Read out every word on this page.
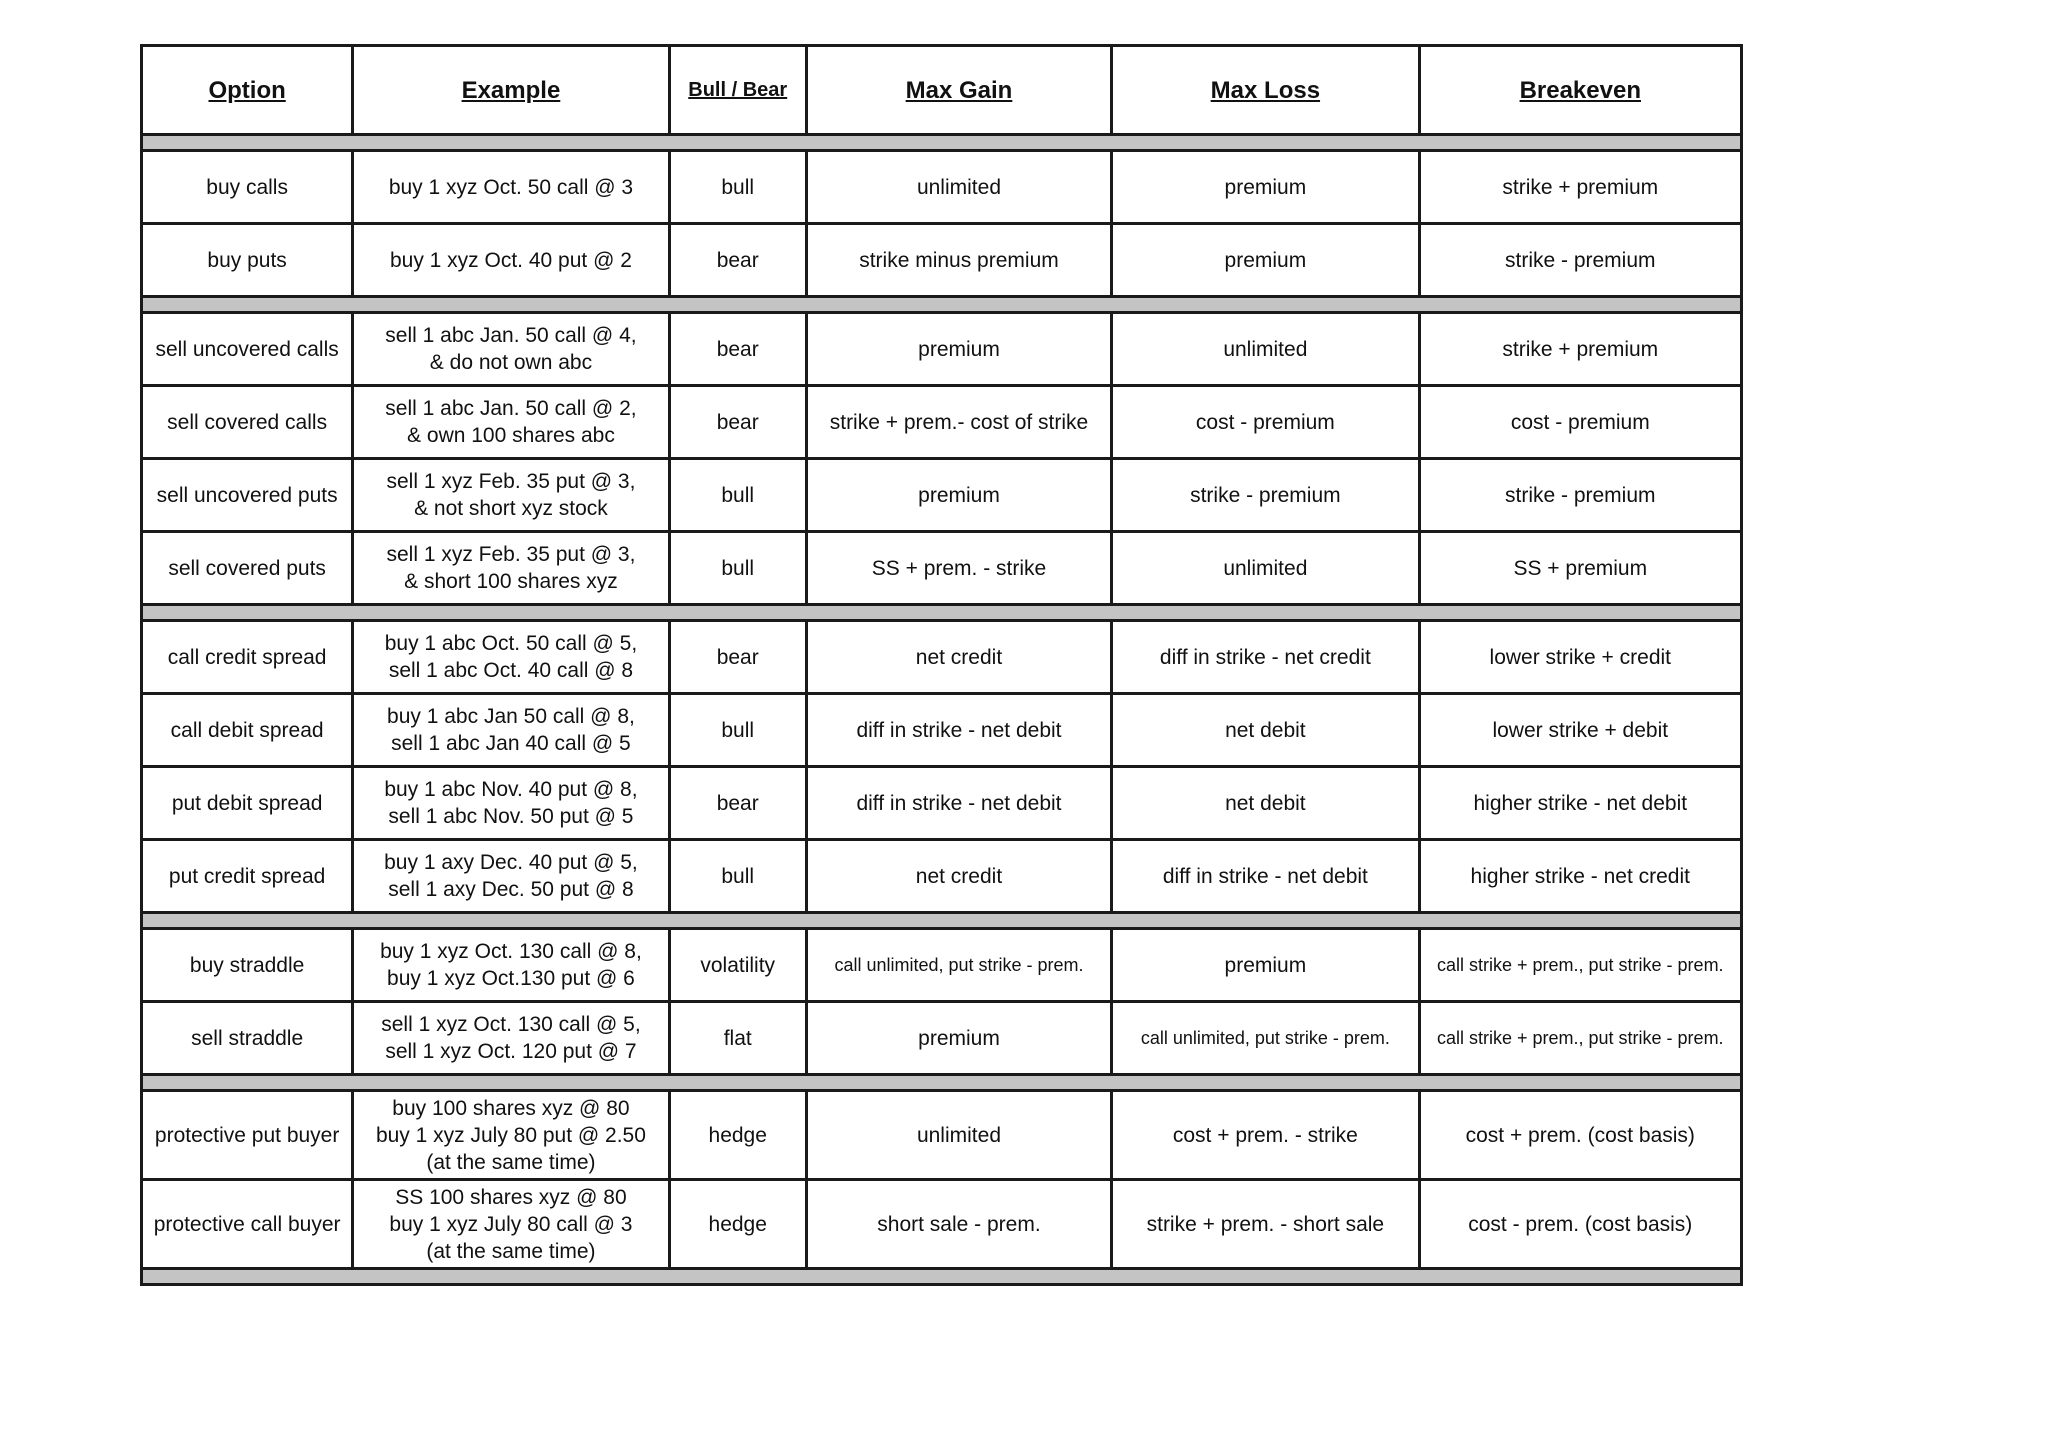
Option	Example	Bull / Bear	Max Gain	Max Loss	Breakeven

buy calls	buy 1 xyz Oct. 50 call @ 3	bull	unlimited	premium	strike + premium
buy puts	buy 1 xyz Oct. 40 put @ 2	bear	strike minus premium	premium	strike - premium

sell uncovered calls	sell 1 abc Jan. 50 call @ 4,
& do not own abc	bear	premium	unlimited	strike + premium
sell covered calls	sell 1 abc Jan. 50 call @ 2,
& own 100 shares abc	bear	strike + prem.- cost of strike	cost - premium	cost - premium
sell uncovered puts	sell 1 xyz Feb. 35 put @ 3,
& not short xyz stock	bull	premium	strike - premium	strike - premium
sell covered puts	sell 1 xyz Feb. 35 put @ 3,
& short 100 shares xyz	bull	SS + prem. - strike	unlimited	SS + premium

call credit spread	buy 1 abc Oct. 50 call @ 5,
sell 1 abc Oct. 40 call @ 8	bear	net credit	diff in strike - net credit	lower strike + credit
call debit spread	buy 1 abc Jan 50 call @ 8,
sell 1 abc Jan 40 call @ 5	bull	diff in strike - net debit	net debit	lower strike + debit
put debit spread	buy 1 abc Nov. 40 put @ 8,
sell 1 abc Nov. 50 put @ 5	bear	diff in strike - net debit	net debit	higher strike - net debit
put credit spread	buy 1 axy Dec. 40 put @ 5,
sell 1 axy Dec. 50 put @ 8	bull	net credit	diff in strike - net debit	higher strike - net credit

buy straddle	buy 1 xyz Oct. 130 call @ 8,
buy 1 xyz Oct.130 put @ 6	volatility	call unlimited, put strike - prem.	premium	call strike + prem., put strike - prem.
sell straddle	sell 1 xyz Oct. 130 call @ 5,
sell 1 xyz Oct. 120 put @ 7	flat	premium	call unlimited, put strike - prem.	call strike + prem., put strike - prem.

protective put buyer	buy 100 shares xyz @ 80
buy 1 xyz July 80 put @ 2.50
(at the same time)	hedge	unlimited	cost + prem. - strike	cost + prem. (cost basis)
protective call buyer	SS 100 shares xyz @ 80
buy 1 xyz July 80 call @ 3
(at the same time)	hedge	short sale - prem.	strike + prem. - short sale	cost - prem. (cost basis)
